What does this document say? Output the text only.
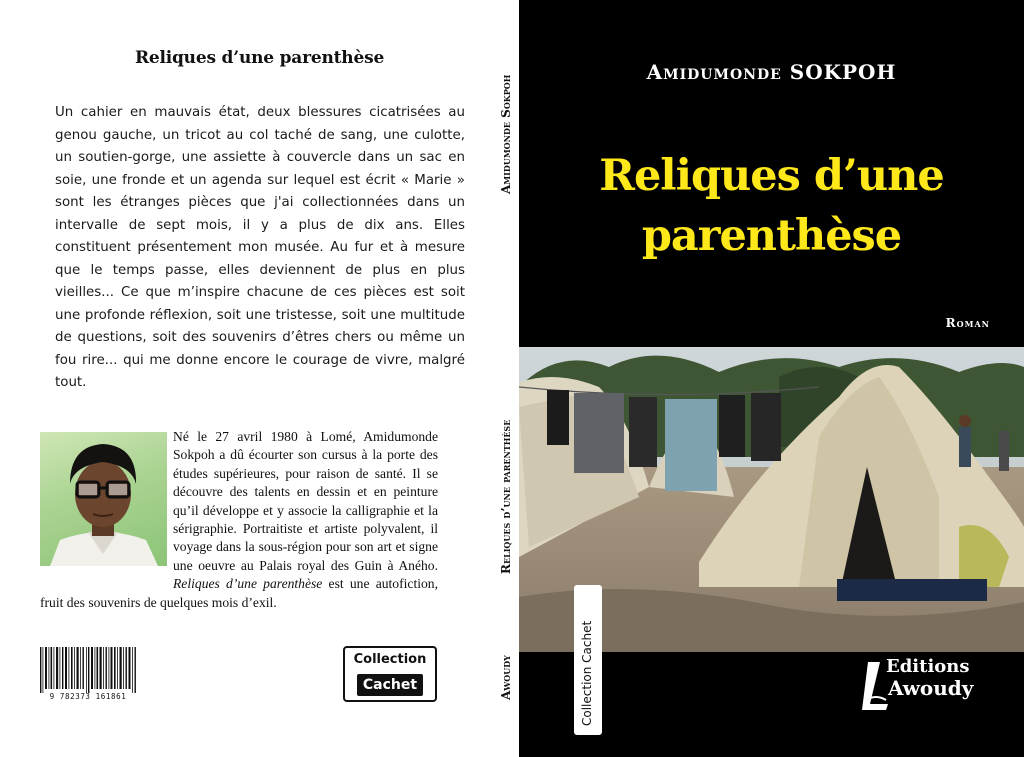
Reliques d’une parenthèse
Un cahier en mauvais état, deux blessures cicatrisées au genou gauche, un tricot au col taché de sang, une culotte, un soutien-gorge, une assiette à couvercle dans un sac en soie, une fronde et un agenda sur lequel est écrit « Marie » sont les étranges pièces que j'ai collectionnées dans un intervalle de sept mois, il y a plus de dix ans. Elles constituent présentement mon musée. Au fur et à mesure que le temps passe, elles deviennent de plus en plus vieilles... Ce que m’inspire chacune de ces pièces est soit une profonde réflexion, soit une tristesse, soit une multitude de questions, soit des souvenirs d’êtres chers ou même un fou rire... qui me donne encore le courage de vivre, malgré tout.
Né le 27 avril 1980 à Lomé, Amidumonde Sokpoh a dû écourter son cursus à la porte des études supérieures, pour raison de santé. Il se découvre des talents en dessin et en peinture qu’il développe et y associe la calligraphie et la sérigraphie. Portraitiste et artiste polyvalent, il voyage dans la sous-région pour son art et signe une oeuvre au Palais royal des Guin à Aného. Reliques d’une parenthèse est une autofiction, fruit des souvenirs de quelques mois d’exil.
9 782373 161861
Collection
Cachet
Amidumonde Sokpoh
Reliques d’une parenthèse
Awoudy
Amidumonde SOKPOH
Reliques d’une
parenthèse
Roman
Editions
Awoudy
Collection Cachet
